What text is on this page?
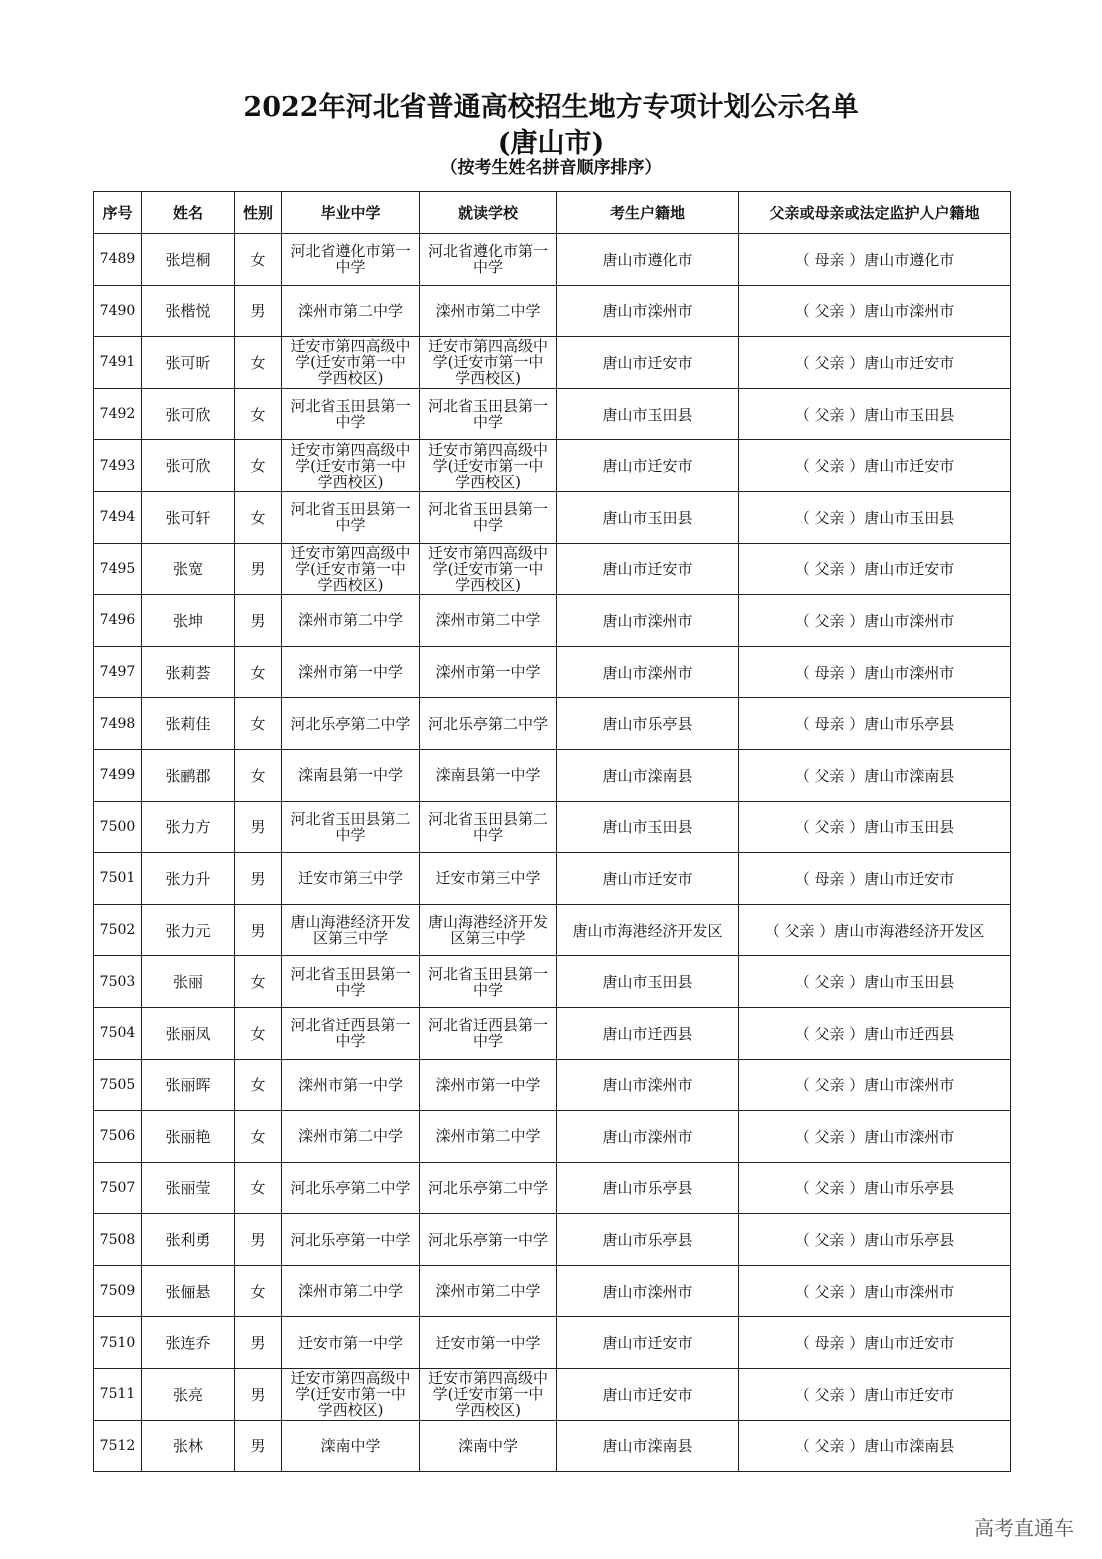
2022年河北省普通高校招生地方专项计划公示名单
(唐山市)
（按考生姓名拼音顺序排序）
序号	姓名	性别	毕业中学	就读学校	考生户籍地	父亲或母亲或法定监护人户籍地
7489	张垲桐	女	河北省遵化市第一中学	河北省遵化市第一中学	唐山市遵化市	（ 母亲 ）唐山市遵化市
7490	张楷悦	男	滦州市第二中学	滦州市第二中学	唐山市滦州市	（ 父亲 ）唐山市滦州市
7491	张可昕	女	迁安市第四高级中学(迁安市第一中学西校区)	迁安市第四高级中学(迁安市第一中学西校区)	唐山市迁安市	（ 父亲 ）唐山市迁安市
7492	张可欣	女	河北省玉田县第一中学	河北省玉田县第一中学	唐山市玉田县	（ 父亲 ）唐山市玉田县
7493	张可欣	女	迁安市第四高级中学(迁安市第一中学西校区)	迁安市第四高级中学(迁安市第一中学西校区)	唐山市迁安市	（ 父亲 ）唐山市迁安市
7494	张可轩	女	河北省玉田县第一中学	河北省玉田县第一中学	唐山市玉田县	（ 父亲 ）唐山市玉田县
7495	张宽	男	迁安市第四高级中学(迁安市第一中学西校区)	迁安市第四高级中学(迁安市第一中学西校区)	唐山市迁安市	（ 父亲 ）唐山市迁安市
7496	张坤	男	滦州市第二中学	滦州市第二中学	唐山市滦州市	（ 父亲 ）唐山市滦州市
7497	张莉荟	女	滦州市第一中学	滦州市第一中学	唐山市滦州市	（ 母亲 ）唐山市滦州市
7498	张莉佳	女	河北乐亭第二中学	河北乐亭第二中学	唐山市乐亭县	（ 母亲 ）唐山市乐亭县
7499	张鹂郡	女	滦南县第一中学	滦南县第一中学	唐山市滦南县	（ 父亲 ）唐山市滦南县
7500	张力方	男	河北省玉田县第二中学	河北省玉田县第二中学	唐山市玉田县	（ 父亲 ）唐山市玉田县
7501	张力升	男	迁安市第三中学	迁安市第三中学	唐山市迁安市	（ 母亲 ）唐山市迁安市
7502	张力元	男	唐山海港经济开发区第三中学	唐山海港经济开发区第三中学	唐山市海港经济开发区	（ 父亲 ）唐山市海港经济开发区
7503	张丽	女	河北省玉田县第一中学	河北省玉田县第一中学	唐山市玉田县	（ 父亲 ）唐山市玉田县
7504	张丽凤	女	河北省迁西县第一中学	河北省迁西县第一中学	唐山市迁西县	（ 父亲 ）唐山市迁西县
7505	张丽晖	女	滦州市第一中学	滦州市第一中学	唐山市滦州市	（ 父亲 ）唐山市滦州市
7506	张丽艳	女	滦州市第二中学	滦州市第二中学	唐山市滦州市	（ 父亲 ）唐山市滦州市
7507	张丽莹	女	河北乐亭第二中学	河北乐亭第二中学	唐山市乐亭县	（ 父亲 ）唐山市乐亭县
7508	张利勇	男	河北乐亭第一中学	河北乐亭第一中学	唐山市乐亭县	（ 父亲 ）唐山市乐亭县
7509	张俪悬	女	滦州市第二中学	滦州市第二中学	唐山市滦州市	（ 父亲 ）唐山市滦州市
7510	张连乔	男	迁安市第一中学	迁安市第一中学	唐山市迁安市	（ 母亲 ）唐山市迁安市
7511	张亮	男	迁安市第四高级中学(迁安市第一中学西校区)	迁安市第四高级中学(迁安市第一中学西校区)	唐山市迁安市	（ 父亲 ）唐山市迁安市
7512	张林	男	滦南中学	滦南中学	唐山市滦南县	（ 父亲 ）唐山市滦南县
高考直通车
